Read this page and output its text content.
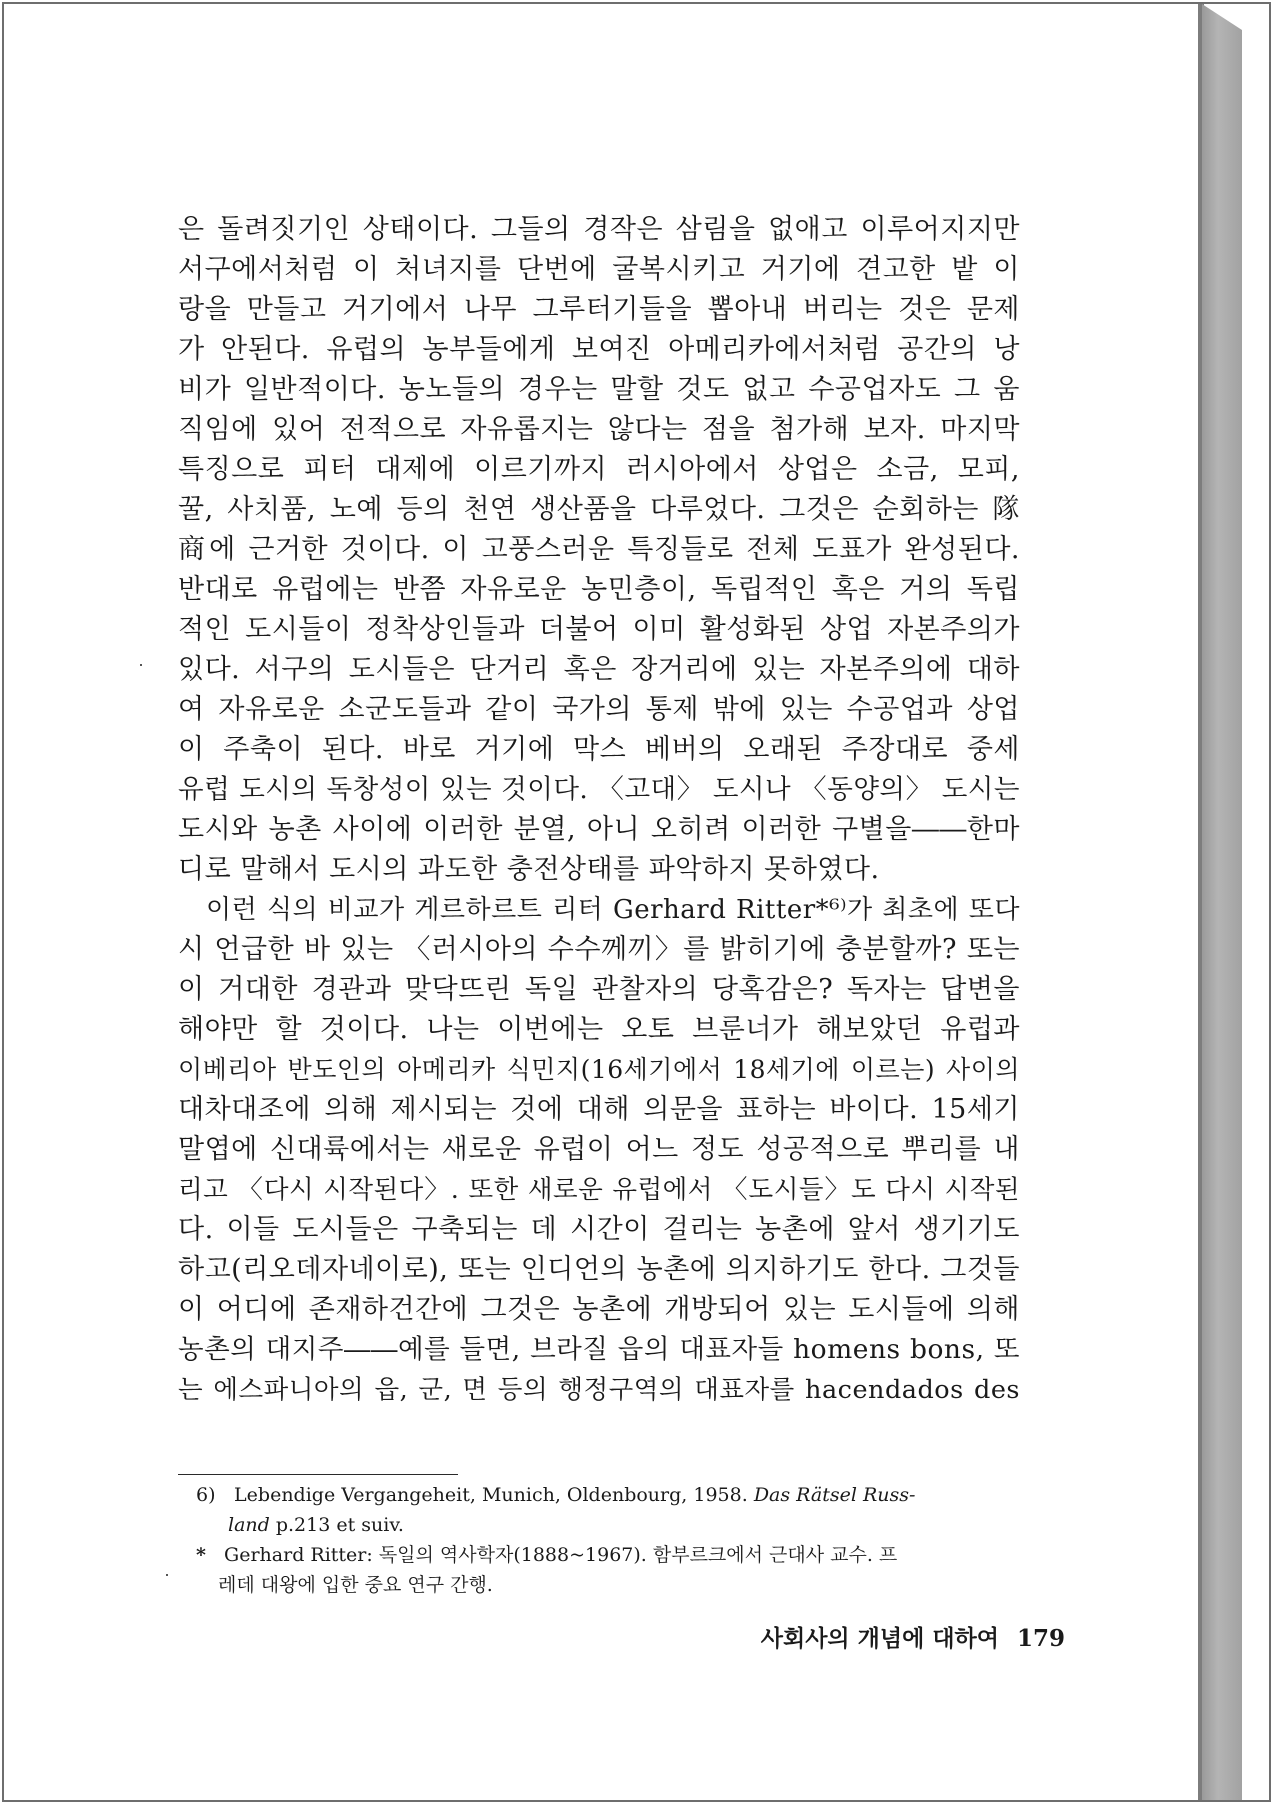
은 돌려짓기인 상태이다. 그들의 경작은 삼림을 없애고 이루어지지만
서구에서처럼 이 처녀지를 단번에 굴복시키고 거기에 견고한 밭 이
랑을 만들고 거기에서 나무 그루터기들을 뽑아내 버리는 것은 문제
가 안된다. 유럽의 농부들에게 보여진 아메리카에서처럼 공간의 낭
비가 일반적이다. 농노들의 경우는 말할 것도 없고 수공업자도 그 움
직임에 있어 전적으로 자유롭지는 않다는 점을 첨가해 보자. 마지막
특징으로 피터 대제에 이르기까지 러시아에서 상업은 소금, 모피,
꿀, 사치품, 노예 등의 천연 생산품을 다루었다. 그것은 순회하는 隊
商에 근거한 것이다. 이 고풍스러운 특징들로 전체 도표가 완성된다.
반대로 유럽에는 반쯤 자유로운 농민층이, 독립적인 혹은 거의 독립
적인 도시들이 정착상인들과 더불어 이미 활성화된 상업 자본주의가
있다. 서구의 도시들은 단거리 혹은 장거리에 있는 자본주의에 대하
여 자유로운 소군도들과 같이 국가의 통제 밖에 있는 수공업과 상업
이 주축이 된다. 바로 거기에 막스 베버의 오래된 주장대로 중세
유럽 도시의 독창성이 있는 것이다. 〈고대〉 도시나 〈동양의〉 도시는
도시와 농촌 사이에 이러한 분열, 아니 오히려 이러한 구별을――한마
디로 말해서 도시의 과도한 충전상태를 파악하지 못하였다.
이런 식의 비교가 게르하르트 리터 Gerhard Ritter*⁶⁾가 최초에 또다
시 언급한 바 있는 〈러시아의 수수께끼〉를 밝히기에 충분할까? 또는
이 거대한 경관과 맞닥뜨린 독일 관찰자의 당혹감은? 독자는 답변을
해야만 할 것이다. 나는 이번에는 오토 브룬너가 해보았던 유럽과
이베리아 반도인의 아메리카 식민지(16세기에서 18세기에 이르는) 사이의
대차대조에 의해 제시되는 것에 대해 의문을 표하는 바이다. 15세기
말엽에 신대륙에서는 새로운 유럽이 어느 정도 성공적으로 뿌리를 내
리고 〈다시 시작된다〉. 또한 새로운 유럽에서 〈도시들〉도 다시 시작된
다. 이들 도시들은 구축되는 데 시간이 걸리는 농촌에 앞서 생기기도
하고(리오데자네이로), 또는 인디언의 농촌에 의지하기도 한다. 그것들
이 어디에 존재하건간에 그것은 농촌에 개방되어 있는 도시들에 의해
농촌의 대지주――예를 들면, 브라질 읍의 대표자들 homens bons, 또
는 에스파니아의 읍, 군, 면 등의 행정구역의 대표자를 hacendados des
6) Lebendige Vergangeheit, Munich, Oldenbourg, 1958. Das Rätsel Russ-
land p.213 et suiv.
* Gerhard Ritter: 독일의 역사학자(1888~1967). 함부르크에서 근대사 교수. 프
레데 대왕에 입한 중요 연구 간행.
사회사의 개념에 대하여 179
